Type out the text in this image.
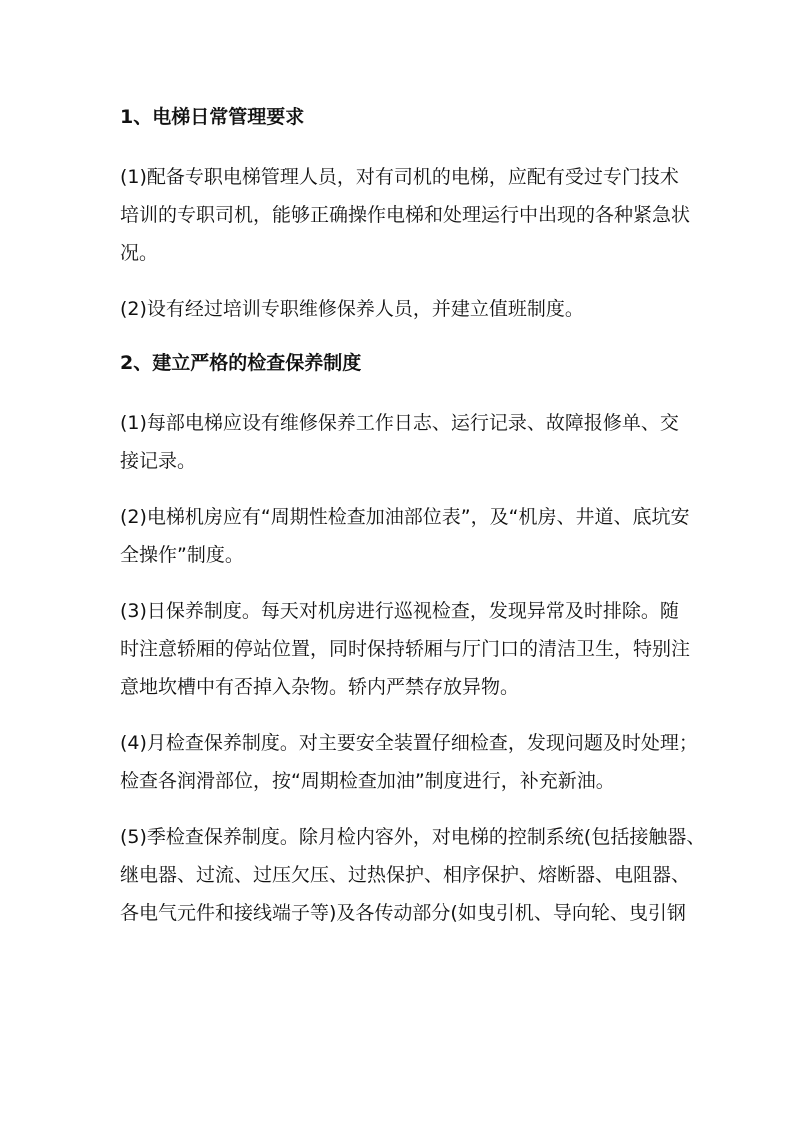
1、电梯日常管理要求

(1)配备专职电梯管理人员，对有司机的电梯，应配有受过专门技术
培训的专职司机，能够正确操作电梯和处理运行中出现的各种紧急状
况。

(2)设有经过培训专职维修保养人员，并建立值班制度。

2、建立严格的检查保养制度

(1)每部电梯应设有维修保养工作日志、运行记录、故障报修单、交
接记录。

(2)电梯机房应有“周期性检查加油部位表”，及“机房、井道、底坑安
全操作”制度。

(3)日保养制度。每天对机房进行巡视检查，发现异常及时排除。随
时注意轿厢的停站位置，同时保持轿厢与厅门口的清洁卫生，特别注
意地坎槽中有否掉入杂物。轿内严禁存放异物。

(4)月检查保养制度。对主要安全装置仔细检查，发现问题及时处理；
检查各润滑部位，按“周期检查加油”制度进行，补充新油。

(5)季检查保养制度。除月检内容外，对电梯的控制系统(包括接触器、
继电器、过流、过压欠压、过热保护、相序保护、熔断器、电阻器、
各电气元件和接线端子等)及各传动部分(如曳引机、导向轮、曳引钢
